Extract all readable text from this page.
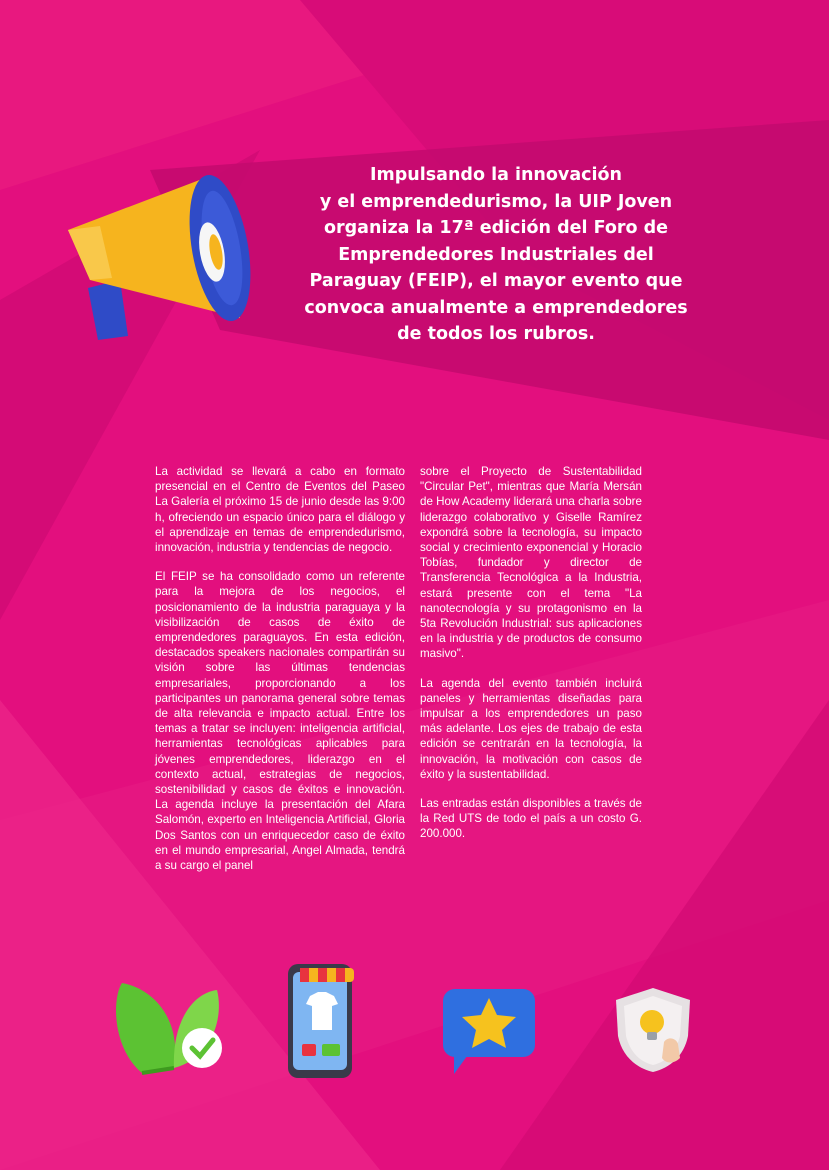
Impulsando la innovación
y el emprendedurismo, la UIP Joven
organiza la 17ª edición del Foro de
Emprendedores Industriales del
Paraguay (FEIP), el mayor evento que
convoca anualmente a emprendedores
de todos los rubros.

La actividad se llevará a cabo en formato presencial en el Centro de Eventos del Paseo La Galería el próximo 15 de junio desde las 9:00 h, ofreciendo un espacio único para el diálogo y el aprendizaje en temas de emprendedurismo, innovación, industria y tendencias de negocio.

El FEIP se ha consolidado como un referente para la mejora de los negocios, el posicionamiento de la industria paraguaya y la visibilización de casos de éxito de emprendedores paraguayos. En esta edición, destacados speakers nacionales compartirán su visión sobre las últimas tendencias empresariales, proporcionando a los participantes un panorama general sobre temas de alta relevancia e impacto actual. Entre los temas a tratar se incluyen: inteligencia artificial, herramientas tecnológicas aplicables para jóvenes emprendedores, liderazgo en el contexto actual, estrategias de negocios, sostenibilidad y casos de éxitos e innovación. La agenda incluye la presentación del Afara Salomón, experto en Inteligencia Artificial, Gloria Dos Santos con un enriquecedor caso de éxito en el mundo empresarial, Angel Almada, tendrá a su cargo el panel

sobre el Proyecto de Sustentabilidad "Circular Pet", mientras que María Mersán de How Academy liderará una charla sobre liderazgo colaborativo y Giselle Ramírez expondrá sobre la tecnología, su impacto social y crecimiento exponencial y Horacio Tobías, fundador y director de Transferencia Tecnológica a la Industria, estará presente con el tema "La nanotecnología y su protagonismo en la 5ta Revolución Industrial: sus aplicaciones en la industria y de productos de consumo masivo".

La agenda del evento también incluirá paneles y herramientas diseñadas para impulsar a los emprendedores un paso más adelante. Los ejes de trabajo de esta edición se centrarán en la tecnología, la innovación, la motivación con casos de éxito y la sustentabilidad.

Las entradas están disponibles a través de la Red UTS de todo el país a un costo G. 200.000.
